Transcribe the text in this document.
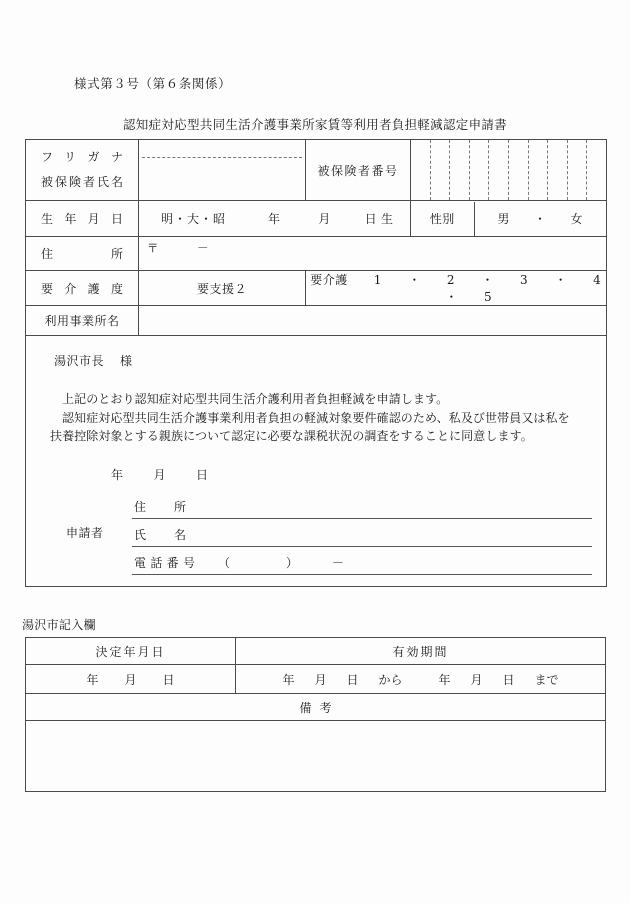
様式第３号（第６条関係）
認知症対応型共同生活介護事業所家賃等利用者負担軽減認定申請書
フリガナ
被保険者氏名

	被保険者番号	

生年月日	明・大・昭	年	月	日 生		性別	男 ・ 女

住所	〒	－

要介護度	要支援２	要介護 1 ・ 2 ・ 3 ・ 4・ 5
利用事業所名	

湯沢市長 様
上記のとおり認知症対応型共同生活介護利用者負担軽減を申請します。
認知症対応型共同生活介護事業利用者負担の軽減対象要件確認のため、私及び世帯員又は私を
扶養控除対象とする親族について認定に必要な課税状況の調査をすることに同意します。
年	月	日
申請者
住所
氏名
電話番号 （	）	－
湯沢市記入欄
決定年月日	有効期間
年 月 日	年 月 日 から 年 月 日 まで
備考	
